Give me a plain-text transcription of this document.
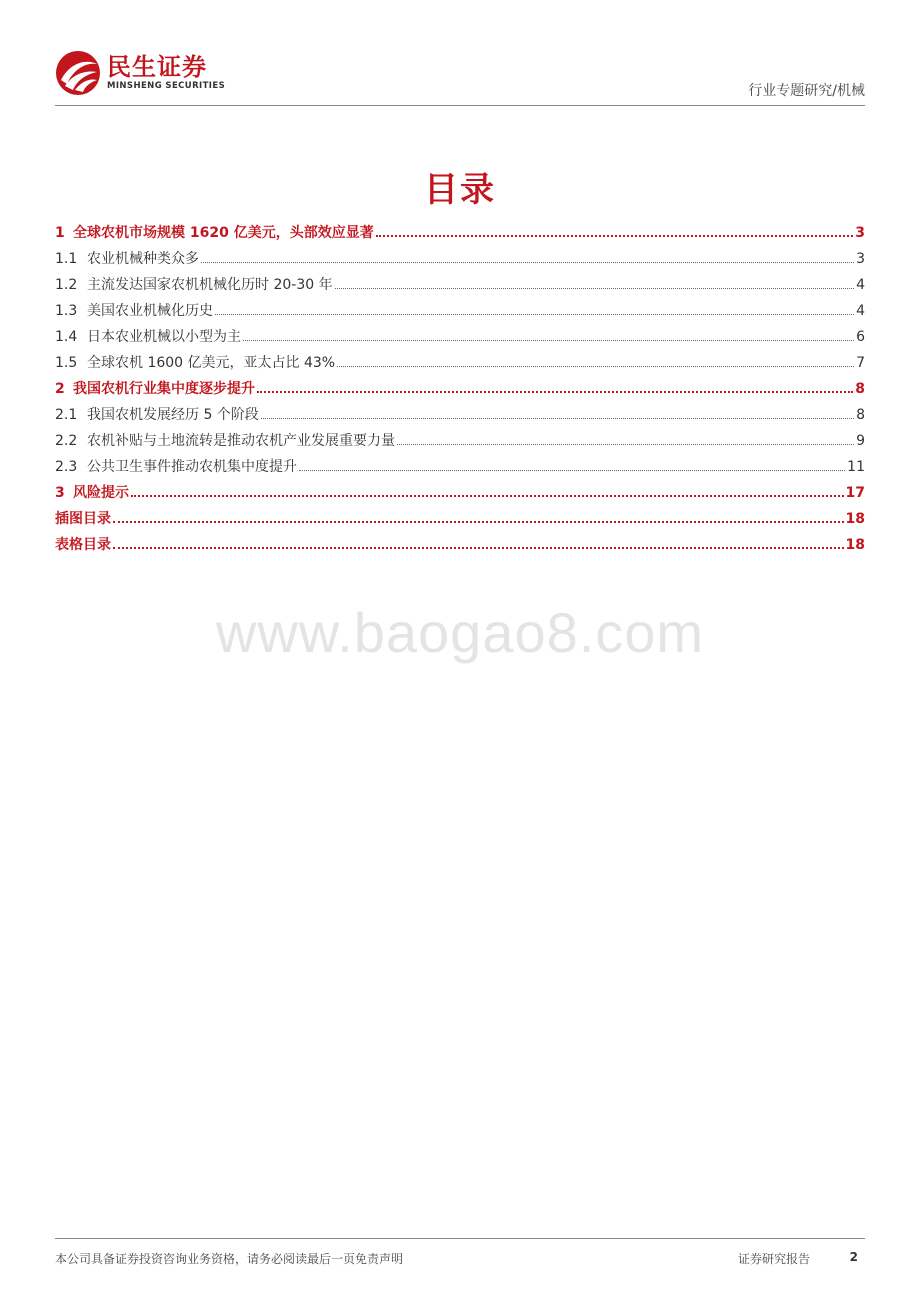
民生证券
MINSHENG SECURITIES	行业专题研究/机械
目录
1 全球农机市场规模 1620 亿美元，头部效应显著	3
1.1 农业机械种类众多	3
1.2 主流发达国家农机机械化历时 20-30 年	4
1.3 美国农业机械化历史	4
1.4 日本农业机械以小型为主	6
1.5 全球农机 1600 亿美元，亚太占比 43%	7
2 我国农机行业集中度逐步提升	8
2.1 我国农机发展经历 5 个阶段	8
2.2 农机补贴与土地流转是推动农机产业发展重要力量	9
2.3 公共卫生事件推动农机集中度提升	11
3 风险提示	17
插图目录	18
表格目录	18
www.baogao8.com
本公司具备证券投资咨询业务资格，请务必阅读最后一页免责声明	证券研究报告	2
